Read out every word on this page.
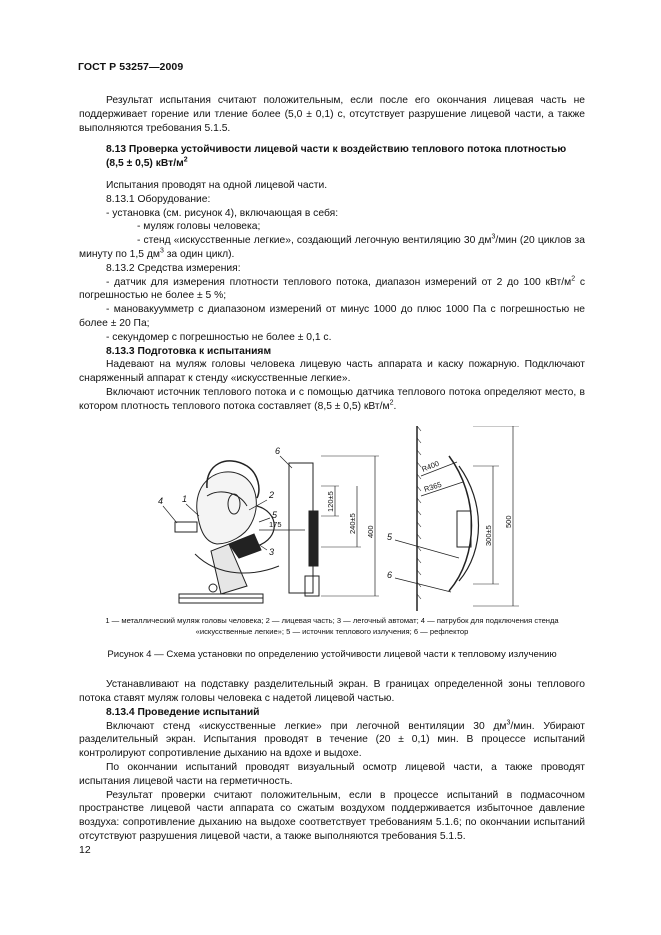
ГОСТ Р 53257—2009

Результат испытания считают положительным, если после его окончания лицевая часть не поддерживает горение или тление более (5,0 ± 0,1) с, отсутствует разрушение лицевой части, а также выполняются требования 5.1.5.

8.13 Проверка устойчивости лицевой части к воздействию теплового потока плотностью (8,5 ± 0,5) кВт/$м^2$

Испытания проводят на одной лицевой части.

8.13.1 Оборудование:

- установка (см. рисунок 4), включающая в себя:

- муляж головы человека;

- стенд «искусственные легкие», создающий легочную вентиляцию 30 $дм^3$/мин (20 циклов за минуту по 1,5 $дм^3$ за один цикл).

8.13.2 Средства измерения:

- датчик для измерения плотности теплового потока, диапазон измерений от 2 до 100 кВт/$м^2$ с погрешностью не более ± 5 %;

- мановакуумметр с диапазоном измерений от минус 1000 до плюс 1000 Па с погрешностью не более ± 20 Па;

- секундомер с погрешностью не более ± 0,1 с.

8.13.3 Подготовка к испытаниям

Надевают на муляж головы человека лицевую часть аппарата и каску пожарную. Подключают снаряженный аппарат к стенду «искусственные легкие».

Включают источник теплового потока и с помощью датчика теплового потока определяют место, в котором плотность теплового потока составляет (8,5 ± 0,5) кВт/$м^2$.

4 1	2
5
3
6
5
6
175
120±5
240±5 400	300±5
500
R400
R365
1 — металлический муляж головы человека; 2 — лицевая часть; 3 — легочный автомат; 4 — патрубок для подключения стенда
«искусственные легкие»; 5 — источник теплового излучения; 6 — рефлектор
Рисунок 4 — Схема установки по определению устойчивости лицевой части к тепловому излучению

Устанавливают на подставку разделительный экран. В границах определенной зоны теплового потока ставят муляж головы человека с надетой лицевой частью.

8.13.4 Проведение испытаний

Включают стенд «искусственные легкие» при легочной вентиляции 30 $дм^3$/мин. Убирают разделительный экран. Испытания проводят в течение (20 ± 0,1) мин. В процессе испытаний контролируют сопротивление дыханию на вдохе и выдохе.

По окончании испытаний проводят визуальный осмотр лицевой части, а также проводят испытания лицевой части на герметичность.

Результат проверки считают положительным, если в процессе испытаний в подмасочном пространстве лицевой части аппарата со сжатым воздухом поддерживается избыточное давление воздуха: сопротивление дыханию на выдохе соответствует требованиям 5.1.6; по окончании испытаний отсутствуют разрушения лицевой части, а также выполняются требования 5.1.5.

12
